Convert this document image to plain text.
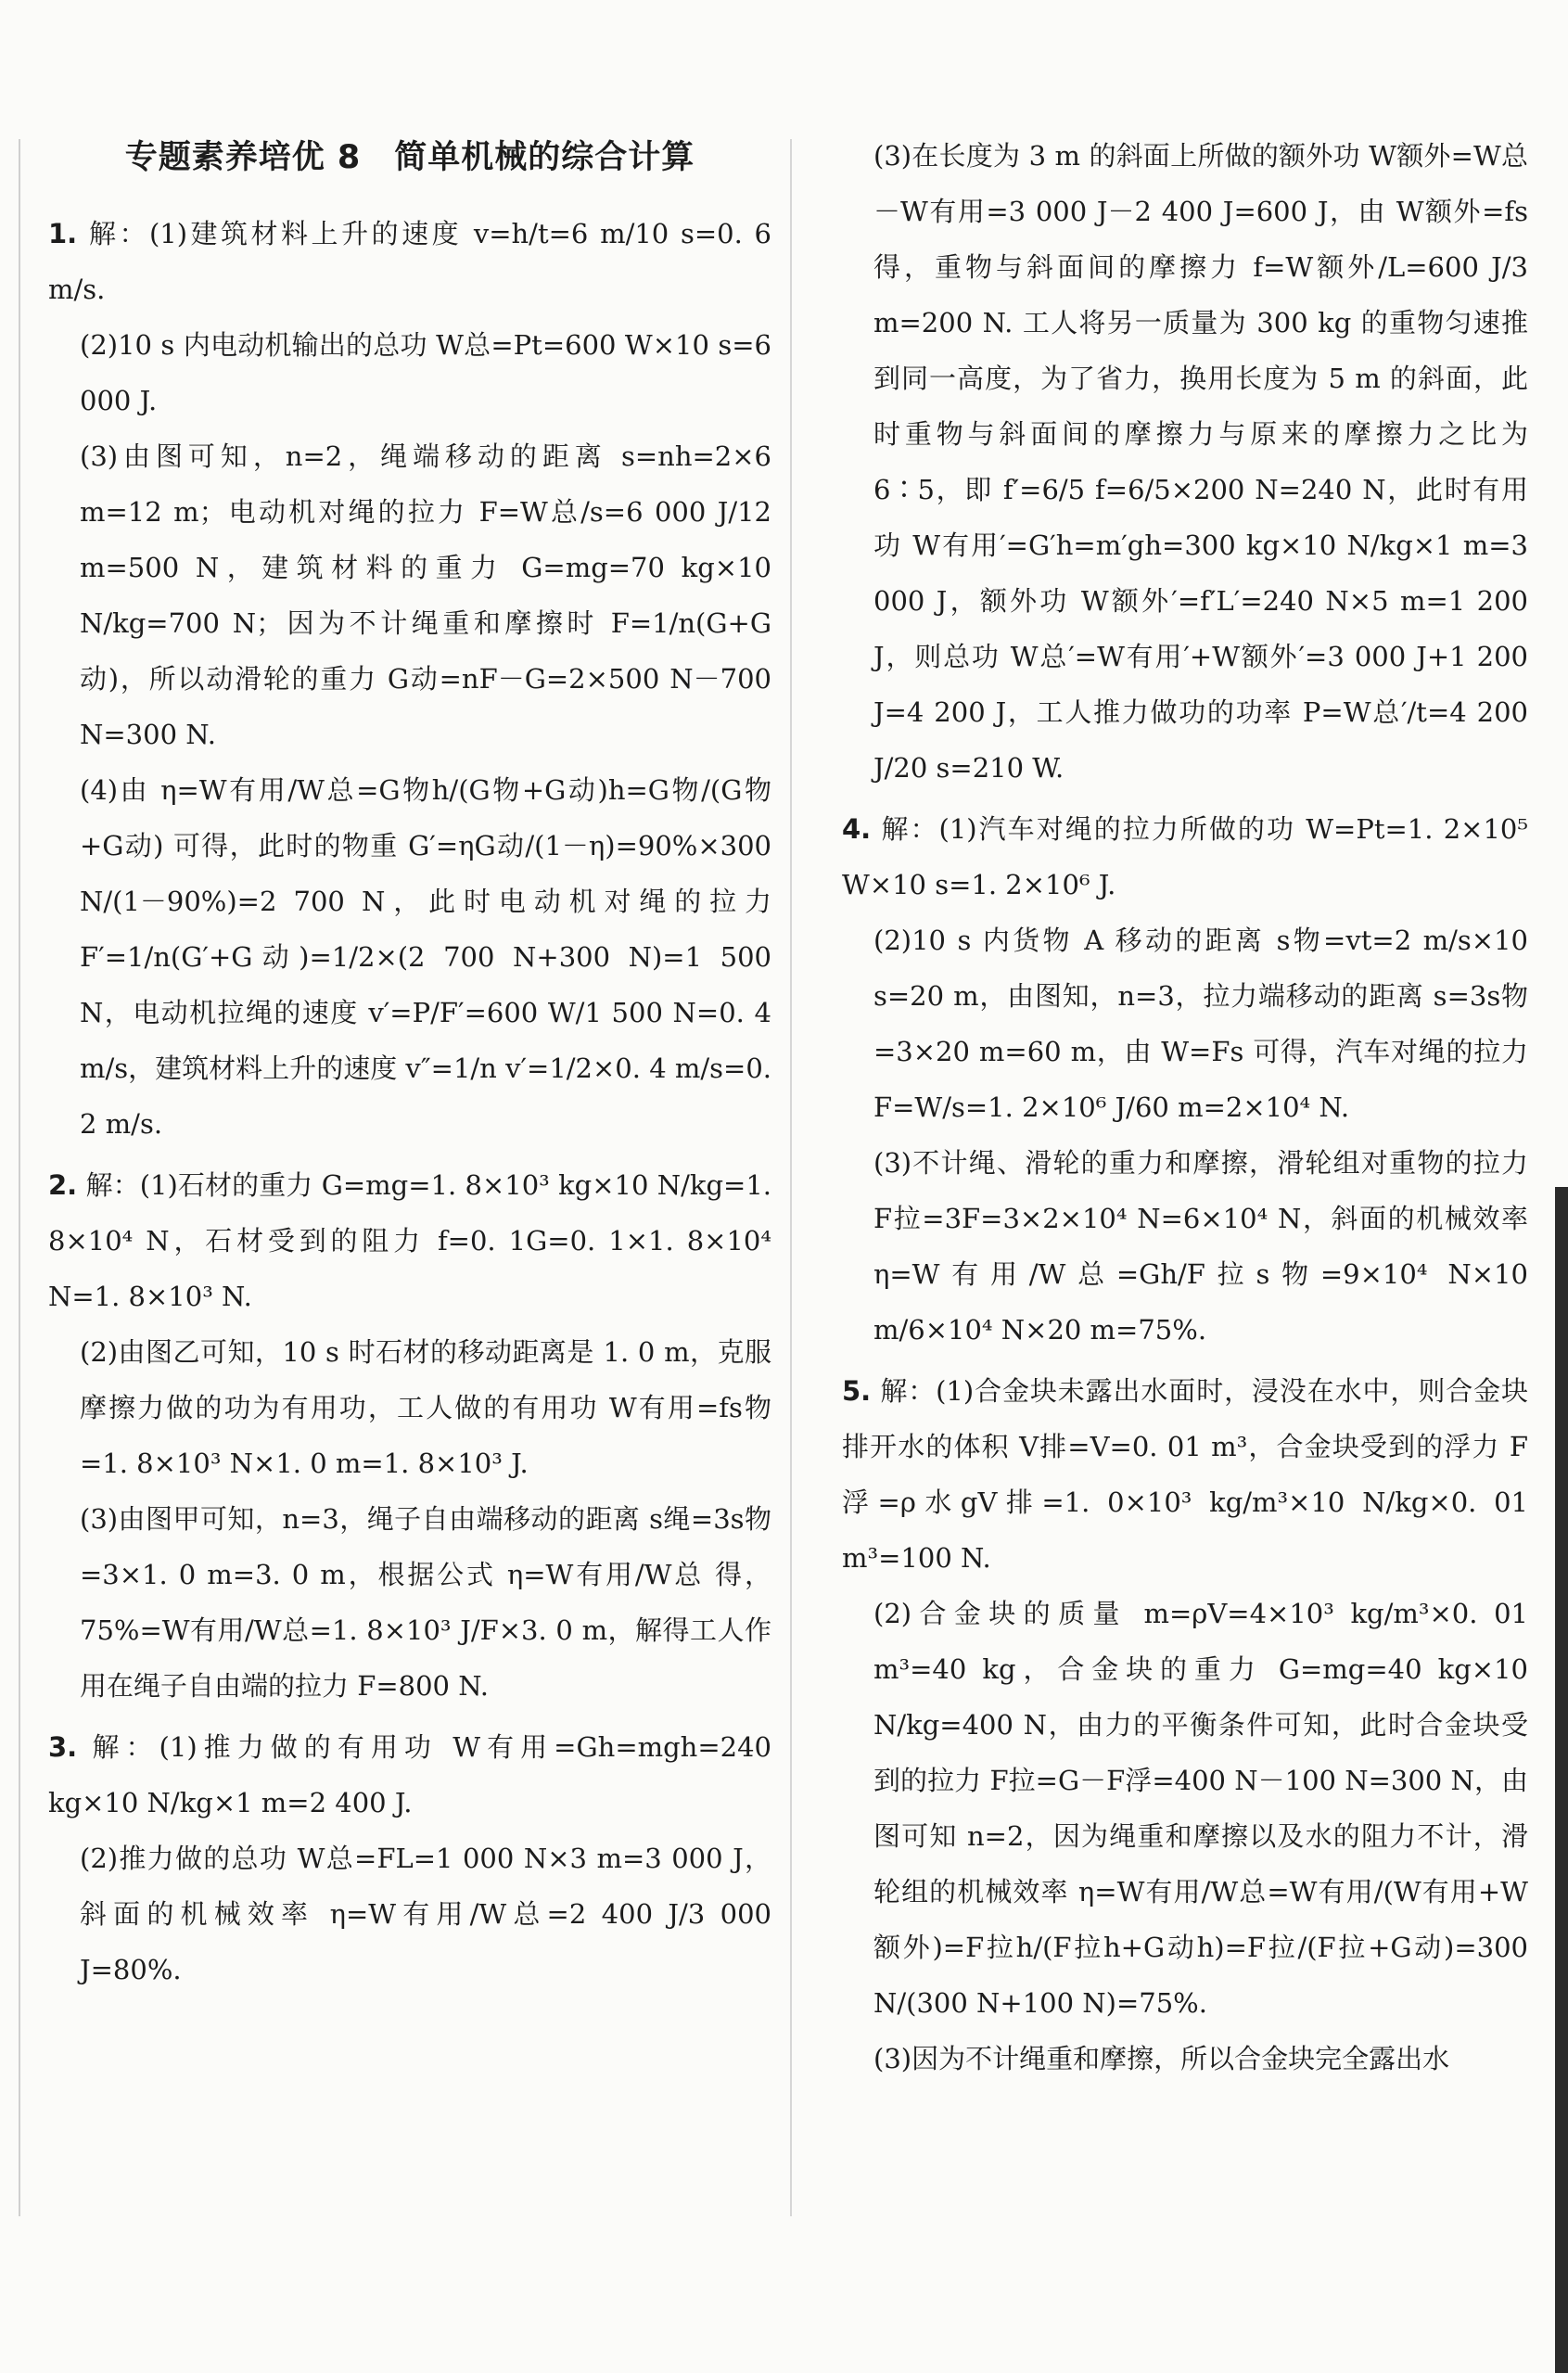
专题素养培优 8　简单机械的综合计算

1. 解：(1)建筑材料上升的速度 v=h/t=6 m/10 s=0. 6 m/s.

(2)10 s 内电动机输出的总功 W总=Pt=600 W×10 s=6 000 J.

(3)由图可知，n=2，绳端移动的距离 s=nh=2×6 m=12 m；电动机对绳的拉力 F=W总/s=6 000 J/12 m=500 N，建筑材料的重力 G=mg=70 kg×10 N/kg=700 N；因为不计绳重和摩擦时 F=1/n(G+G动)，所以动滑轮的重力 G动=nF－G=2×500 N－700 N=300 N.

(4)由 η=W有用/W总=G物h/(G物+G动)h=G物/(G物+G动) 可得，此时的物重 G′=ηG动/(1－η)=90%×300 N/(1－90%)=2 700 N，此时电动机对绳的拉力 F′=1/n(G′+G动)=1/2×(2 700 N+300 N)=1 500 N，电动机拉绳的速度 v′=P/F′=600 W/1 500 N=0. 4 m/s，建筑材料上升的速度 v″=1/n v′=1/2×0. 4 m/s=0. 2 m/s.

2. 解：(1)石材的重力 G=mg=1. 8×10³ kg×10 N/kg=1. 8×10⁴ N，石材受到的阻力 f=0. 1G=0. 1×1. 8×10⁴ N=1. 8×10³ N.

(2)由图乙可知，10 s 时石材的移动距离是 1. 0 m，克服摩擦力做的功为有用功，工人做的有用功 W有用=fs物=1. 8×10³ N×1. 0 m=1. 8×10³ J.

(3)由图甲可知，n=3，绳子自由端移动的距离 s绳=3s物=3×1. 0 m=3. 0 m，根据公式 η=W有用/W总 得，75%=W有用/W总=1. 8×10³ J/F×3. 0 m，解得工人作用在绳子自由端的拉力 F=800 N.

3. 解：(1)推力做的有用功 W有用=Gh=mgh=240 kg×10 N/kg×1 m=2 400 J.

(2)推力做的总功 W总=FL=1 000 N×3 m=3 000 J，斜面的机械效率 η=W有用/W总=2 400 J/3 000 J=80%.

(3)在长度为 3 m 的斜面上所做的额外功 W额外=W总－W有用=3 000 J－2 400 J=600 J，由 W额外=fs 得，重物与斜面间的摩擦力 f=W额外/L=600 J/3 m=200 N. 工人将另一质量为 300 kg 的重物匀速推到同一高度，为了省力，换用长度为 5 m 的斜面，此时重物与斜面间的摩擦力与原来的摩擦力之比为 6∶5，即 f′=6/5 f=6/5×200 N=240 N，此时有用功 W有用′=G′h=m′gh=300 kg×10 N/kg×1 m=3 000 J，额外功 W额外′=f′L′=240 N×5 m=1 200 J，则总功 W总′=W有用′+W额外′=3 000 J+1 200 J=4 200 J，工人推力做功的功率 P=W总′/t=4 200 J/20 s=210 W.

4. 解：(1)汽车对绳的拉力所做的功 W=Pt=1. 2×10⁵ W×10 s=1. 2×10⁶ J.

(2)10 s 内货物 A 移动的距离 s物=vt=2 m/s×10 s=20 m，由图知，n=3，拉力端移动的距离 s=3s物=3×20 m=60 m，由 W=Fs 可得，汽车对绳的拉力 F=W/s=1. 2×10⁶ J/60 m=2×10⁴ N.

(3)不计绳、滑轮的重力和摩擦，滑轮组对重物的拉力 F拉=3F=3×2×10⁴ N=6×10⁴ N，斜面的机械效率 η=W有用/W总=Gh/F拉s物=9×10⁴ N×10 m/6×10⁴ N×20 m=75%.

5. 解：(1)合金块未露出水面时，浸没在水中，则合金块排开水的体积 V排=V=0. 01 m³，合金块受到的浮力 F浮=ρ水gV排=1. 0×10³ kg/m³×10 N/kg×0. 01 m³=100 N.

(2)合金块的质量 m=ρV=4×10³ kg/m³×0. 01 m³=40 kg，合金块的重力 G=mg=40 kg×10 N/kg=400 N，由力的平衡条件可知，此时合金块受到的拉力 F拉=G－F浮=400 N－100 N=300 N，由图可知 n=2，因为绳重和摩擦以及水的阻力不计，滑轮组的机械效率 η=W有用/W总=W有用/(W有用+W额外)=F拉h/(F拉h+G动h)=F拉/(F拉+G动)=300 N/(300 N+100 N)=75%.

(3)因为不计绳重和摩擦，所以合金块完全露出水
